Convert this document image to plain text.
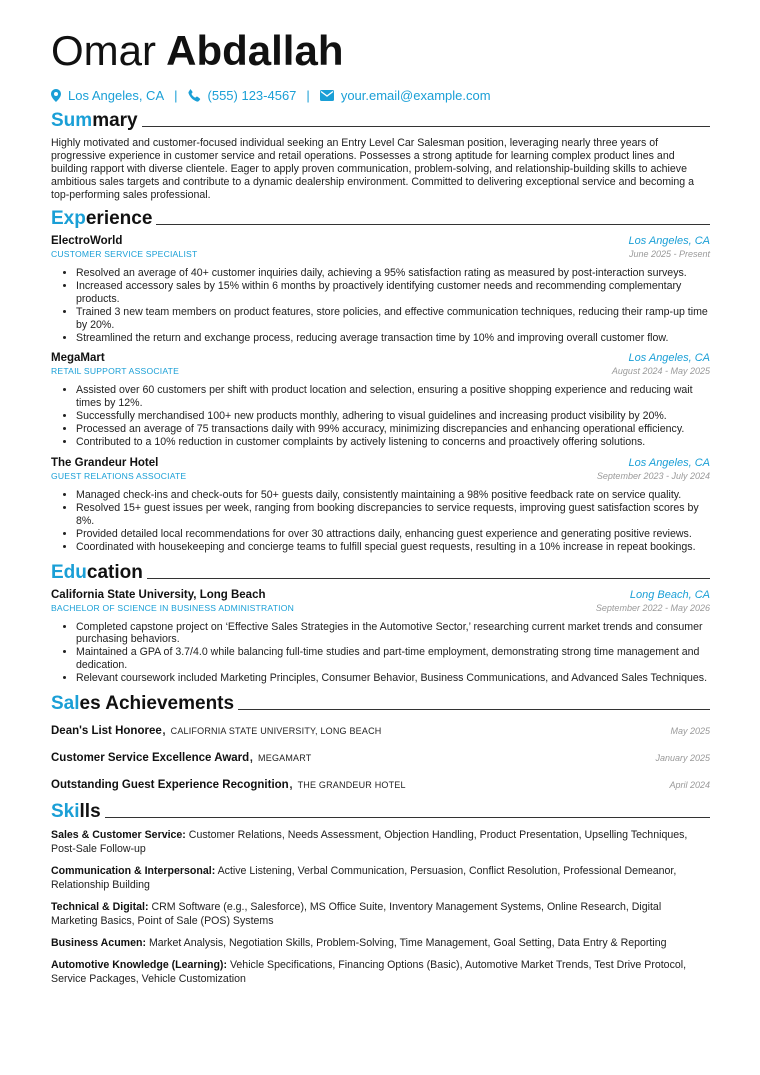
Omar Abdallah
Los Angeles, CA | (555) 123-4567 | your.email@example.com
Summary
Highly motivated and customer-focused individual seeking an Entry Level Car Salesman position, leveraging nearly three years of progressive experience in customer service and retail operations. Possesses a strong aptitude for learning complex product lines and building rapport with diverse clientele. Eager to apply proven communication, problem-solving, and relationship-building skills to achieve ambitious sales targets and contribute to a dynamic dealership environment. Committed to delivering exceptional service and becoming a top-performing sales professional.
Experience
ElectroWorld	Los Angeles, CA
CUSTOMER SERVICE SPECIALIST	June 2025 - Present
• Resolved an average of 40+ customer inquiries daily, achieving a 95% satisfaction rating as measured by post-interaction surveys.
• Increased accessory sales by 15% within 6 months by proactively identifying customer needs and recommending complementary products.
• Trained 3 new team members on product features, store policies, and effective communication techniques, reducing their ramp-up time by 20%.
• Streamlined the return and exchange process, reducing average transaction time by 10% and improving overall customer flow.
MegaMart	Los Angeles, CA
RETAIL SUPPORT ASSOCIATE	August 2024 - May 2025
• Assisted over 60 customers per shift with product location and selection, ensuring a positive shopping experience and reducing wait times by 12%.
• Successfully merchandised 100+ new products monthly, adhering to visual guidelines and increasing product visibility by 20%.
• Processed an average of 75 transactions daily with 99% accuracy, minimizing discrepancies and enhancing operational efficiency.
• Contributed to a 10% reduction in customer complaints by actively listening to concerns and proactively offering solutions.
The Grandeur Hotel	Los Angeles, CA
GUEST RELATIONS ASSOCIATE	September 2023 - July 2024
• Managed check-ins and check-outs for 50+ guests daily, consistently maintaining a 98% positive feedback rate on service quality.
• Resolved 15+ guest issues per week, ranging from booking discrepancies to service requests, improving guest satisfaction scores by 8%.
• Provided detailed local recommendations for over 30 attractions daily, enhancing guest experience and generating positive reviews.
• Coordinated with housekeeping and concierge teams to fulfill special guest requests, resulting in a 10% increase in repeat bookings.
Education
California State University, Long Beach	Long Beach, CA
BACHELOR OF SCIENCE IN BUSINESS ADMINISTRATION	September 2022 - May 2026
• Completed capstone project on ‘Effective Sales Strategies in the Automotive Sector,’ researching current market trends and consumer purchasing behaviors.
• Maintained a GPA of 3.7/4.0 while balancing full-time studies and part-time employment, demonstrating strong time management and dedication.
• Relevant coursework included Marketing Principles, Consumer Behavior, Business Communications, and Advanced Sales Techniques.
Sales Achievements
Dean's List Honoree, CALIFORNIA STATE UNIVERSITY, LONG BEACH	May 2025
Customer Service Excellence Award, MEGAMART	January 2025
Outstanding Guest Experience Recognition, THE GRANDEUR HOTEL	April 2024
Skills
Sales & Customer Service: Customer Relations, Needs Assessment, Objection Handling, Product Presentation, Upselling Techniques, Post-Sale Follow-up
Communication & Interpersonal: Active Listening, Verbal Communication, Persuasion, Conflict Resolution, Professional Demeanor, Relationship Building
Technical & Digital: CRM Software (e.g., Salesforce), MS Office Suite, Inventory Management Systems, Online Research, Digital Marketing Basics, Point of Sale (POS) Systems
Business Acumen: Market Analysis, Negotiation Skills, Problem-Solving, Time Management, Goal Setting, Data Entry & Reporting
Automotive Knowledge (Learning): Vehicle Specifications, Financing Options (Basic), Automotive Market Trends, Test Drive Protocol, Service Packages, Vehicle Customization
